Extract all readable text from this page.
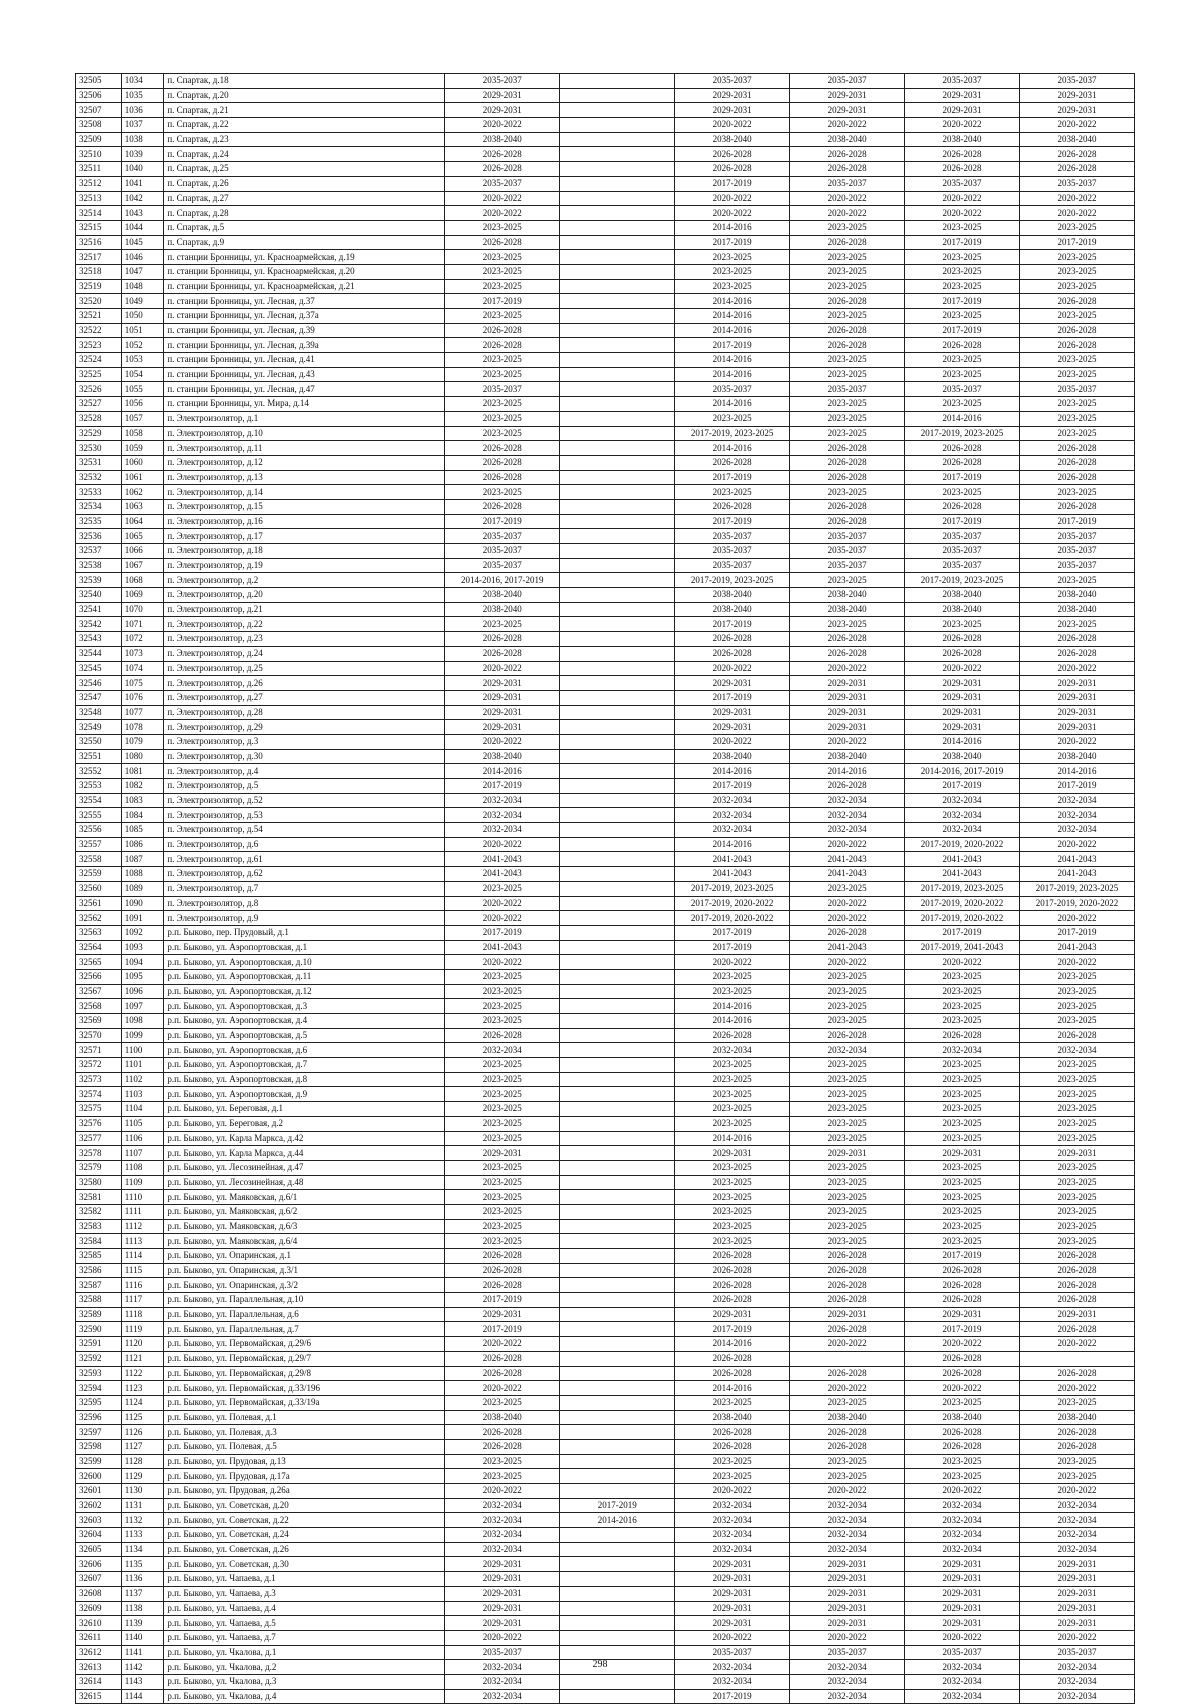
32505	1034	п. Спартак, д.18	2035-2037		2035-2037	2035-2037	2035-2037	2035-2037
32506	1035	п. Спартак, д.20	2029-2031		2029-2031	2029-2031	2029-2031	2029-2031
32507	1036	п. Спартак, д.21	2029-2031		2029-2031	2029-2031	2029-2031	2029-2031
32508	1037	п. Спартак, д.22	2020-2022		2020-2022	2020-2022	2020-2022	2020-2022
32509	1038	п. Спартак, д.23	2038-2040		2038-2040	2038-2040	2038-2040	2038-2040
32510	1039	п. Спартак, д.24	2026-2028		2026-2028	2026-2028	2026-2028	2026-2028
32511	1040	п. Спартак, д.25	2026-2028		2026-2028	2026-2028	2026-2028	2026-2028
32512	1041	п. Спартак, д.26	2035-2037		2017-2019	2035-2037	2035-2037	2035-2037
32513	1042	п. Спартак, д.27	2020-2022		2020-2022	2020-2022	2020-2022	2020-2022
32514	1043	п. Спартак, д.28	2020-2022		2020-2022	2020-2022	2020-2022	2020-2022
32515	1044	п. Спартак, д.5	2023-2025		2014-2016	2023-2025	2023-2025	2023-2025
32516	1045	п. Спартак, д.9	2026-2028		2017-2019	2026-2028	2017-2019	2017-2019
32517	1046	п. станции Бронницы, ул. Красноармейская, д.19	2023-2025		2023-2025	2023-2025	2023-2025	2023-2025
32518	1047	п. станции Бронницы, ул. Красноармейская, д.20	2023-2025		2023-2025	2023-2025	2023-2025	2023-2025
32519	1048	п. станции Бронницы, ул. Красноармейская, д.21	2023-2025		2023-2025	2023-2025	2023-2025	2023-2025
32520	1049	п. станции Бронницы, ул. Лесная, д.37	2017-2019		2014-2016	2026-2028	2017-2019	2026-2028
32521	1050	п. станции Бронницы, ул. Лесная, д.37а	2023-2025		2014-2016	2023-2025	2023-2025	2023-2025
32522	1051	п. станции Бронницы, ул. Лесная, д.39	2026-2028		2014-2016	2026-2028	2017-2019	2026-2028
32523	1052	п. станции Бронницы, ул. Лесная, д.39а	2026-2028		2017-2019	2026-2028	2026-2028	2026-2028
32524	1053	п. станции Бронницы, ул. Лесная, д.41	2023-2025		2014-2016	2023-2025	2023-2025	2023-2025
32525	1054	п. станции Бронницы, ул. Лесная, д.43	2023-2025		2014-2016	2023-2025	2023-2025	2023-2025
32526	1055	п. станции Бронницы, ул. Лесная, д.47	2035-2037		2035-2037	2035-2037	2035-2037	2035-2037
32527	1056	п. станции Бронницы, ул. Мира, д.14	2023-2025		2014-2016	2023-2025	2023-2025	2023-2025
32528	1057	п. Электроизолятор, д.1	2023-2025		2023-2025	2023-2025	2014-2016	2023-2025
32529	1058	п. Электроизолятор, д.10	2023-2025		2017-2019, 2023-2025	2023-2025	2017-2019, 2023-2025	2023-2025
32530	1059	п. Электроизолятор, д.11	2026-2028		2014-2016	2026-2028	2026-2028	2026-2028
32531	1060	п. Электроизолятор, д.12	2026-2028		2026-2028	2026-2028	2026-2028	2026-2028
32532	1061	п. Электроизолятор, д.13	2026-2028		2017-2019	2026-2028	2017-2019	2026-2028
32533	1062	п. Электроизолятор, д.14	2023-2025		2023-2025	2023-2025	2023-2025	2023-2025
32534	1063	п. Электроизолятор, д.15	2026-2028		2026-2028	2026-2028	2026-2028	2026-2028
32535	1064	п. Электроизолятор, д.16	2017-2019		2017-2019	2026-2028	2017-2019	2017-2019
32536	1065	п. Электроизолятор, д.17	2035-2037		2035-2037	2035-2037	2035-2037	2035-2037
32537	1066	п. Электроизолятор, д.18	2035-2037		2035-2037	2035-2037	2035-2037	2035-2037
32538	1067	п. Электроизолятор, д.19	2035-2037		2035-2037	2035-2037	2035-2037	2035-2037
32539	1068	п. Электроизолятор, д.2	2014-2016, 2017-2019		2017-2019, 2023-2025	2023-2025	2017-2019, 2023-2025	2023-2025
32540	1069	п. Электроизолятор, д.20	2038-2040		2038-2040	2038-2040	2038-2040	2038-2040
32541	1070	п. Электроизолятор, д.21	2038-2040		2038-2040	2038-2040	2038-2040	2038-2040
32542	1071	п. Электроизолятор, д.22	2023-2025		2017-2019	2023-2025	2023-2025	2023-2025
32543	1072	п. Электроизолятор, д.23	2026-2028		2026-2028	2026-2028	2026-2028	2026-2028
32544	1073	п. Электроизолятор, д.24	2026-2028		2026-2028	2026-2028	2026-2028	2026-2028
32545	1074	п. Электроизолятор, д.25	2020-2022		2020-2022	2020-2022	2020-2022	2020-2022
32546	1075	п. Электроизолятор, д.26	2029-2031		2029-2031	2029-2031	2029-2031	2029-2031
32547	1076	п. Электроизолятор, д.27	2029-2031		2017-2019	2029-2031	2029-2031	2029-2031
32548	1077	п. Электроизолятор, д.28	2029-2031		2029-2031	2029-2031	2029-2031	2029-2031
32549	1078	п. Электроизолятор, д.29	2029-2031		2029-2031	2029-2031	2029-2031	2029-2031
32550	1079	п. Электроизолятор, д.3	2020-2022		2020-2022	2020-2022	2014-2016	2020-2022
32551	1080	п. Электроизолятор, д.30	2038-2040		2038-2040	2038-2040	2038-2040	2038-2040
32552	1081	п. Электроизолятор, д.4	2014-2016		2014-2016	2014-2016	2014-2016, 2017-2019	2014-2016
32553	1082	п. Электроизолятор, д.5	2017-2019		2017-2019	2026-2028	2017-2019	2017-2019
32554	1083	п. Электроизолятор, д.52	2032-2034		2032-2034	2032-2034	2032-2034	2032-2034
32555	1084	п. Электроизолятор, д.53	2032-2034		2032-2034	2032-2034	2032-2034	2032-2034
32556	1085	п. Электроизолятор, д.54	2032-2034		2032-2034	2032-2034	2032-2034	2032-2034
32557	1086	п. Электроизолятор, д.6	2020-2022		2014-2016	2020-2022	2017-2019, 2020-2022	2020-2022
32558	1087	п. Электроизолятор, д.61	2041-2043		2041-2043	2041-2043	2041-2043	2041-2043
32559	1088	п. Электроизолятор, д.62	2041-2043		2041-2043	2041-2043	2041-2043	2041-2043
32560	1089	п. Электроизолятор, д.7	2023-2025		2017-2019, 2023-2025	2023-2025	2017-2019, 2023-2025	2017-2019, 2023-2025
32561	1090	п. Электроизолятор, д.8	2020-2022		2017-2019, 2020-2022	2020-2022	2017-2019, 2020-2022	2017-2019, 2020-2022
32562	1091	п. Электроизолятор, д.9	2020-2022		2017-2019, 2020-2022	2020-2022	2017-2019, 2020-2022	2020-2022
32563	1092	р.п. Быково, пер. Прудовый, д.1	2017-2019		2017-2019	2026-2028	2017-2019	2017-2019
32564	1093	р.п. Быково, ул. Аэропортовская, д.1	2041-2043		2017-2019	2041-2043	2017-2019, 2041-2043	2041-2043
32565	1094	р.п. Быково, ул. Аэропортовская, д.10	2020-2022		2020-2022	2020-2022	2020-2022	2020-2022
32566	1095	р.п. Быково, ул. Аэропортовская, д.11	2023-2025		2023-2025	2023-2025	2023-2025	2023-2025
32567	1096	р.п. Быково, ул. Аэропортовская, д.12	2023-2025		2023-2025	2023-2025	2023-2025	2023-2025
32568	1097	р.п. Быково, ул. Аэропортовская, д.3	2023-2025		2014-2016	2023-2025	2023-2025	2023-2025
32569	1098	р.п. Быково, ул. Аэропортовская, д.4	2023-2025		2014-2016	2023-2025	2023-2025	2023-2025
32570	1099	р.п. Быково, ул. Аэропортовская, д.5	2026-2028		2026-2028	2026-2028	2026-2028	2026-2028
32571	1100	р.п. Быково, ул. Аэропортовская, д.6	2032-2034		2032-2034	2032-2034	2032-2034	2032-2034
32572	1101	р.п. Быково, ул. Аэропортовская, д.7	2023-2025		2023-2025	2023-2025	2023-2025	2023-2025
32573	1102	р.п. Быково, ул. Аэропортовская, д.8	2023-2025		2023-2025	2023-2025	2023-2025	2023-2025
32574	1103	р.п. Быково, ул. Аэропортовская, д.9	2023-2025		2023-2025	2023-2025	2023-2025	2023-2025
32575	1104	р.п. Быково, ул. Береговая, д.1	2023-2025		2023-2025	2023-2025	2023-2025	2023-2025
32576	1105	р.п. Быково, ул. Береговая, д.2	2023-2025		2023-2025	2023-2025	2023-2025	2023-2025
32577	1106	р.п. Быково, ул. Карла Маркса, д.42	2023-2025		2014-2016	2023-2025	2023-2025	2023-2025
32578	1107	р.п. Быково, ул. Карла Маркса, д.44	2029-2031		2029-2031	2029-2031	2029-2031	2029-2031
32579	1108	р.п. Быково, ул. Лесозинейная, д.47	2023-2025		2023-2025	2023-2025	2023-2025	2023-2025
32580	1109	р.п. Быково, ул. Лесозинейная, д.48	2023-2025		2023-2025	2023-2025	2023-2025	2023-2025
32581	1110	р.п. Быково, ул. Маяковская, д.6/1	2023-2025		2023-2025	2023-2025	2023-2025	2023-2025
32582	1111	р.п. Быково, ул. Маяковская, д.6/2	2023-2025		2023-2025	2023-2025	2023-2025	2023-2025
32583	1112	р.п. Быково, ул. Маяковская, д.6/3	2023-2025		2023-2025	2023-2025	2023-2025	2023-2025
32584	1113	р.п. Быково, ул. Маяковская, д.6/4	2023-2025		2023-2025	2023-2025	2023-2025	2023-2025
32585	1114	р.п. Быково, ул. Опаринская, д.1	2026-2028		2026-2028	2026-2028	2017-2019	2026-2028
32586	1115	р.п. Быково, ул. Опаринская, д.3/1	2026-2028		2026-2028	2026-2028	2026-2028	2026-2028
32587	1116	р.п. Быково, ул. Опаринская, д.3/2	2026-2028		2026-2028	2026-2028	2026-2028	2026-2028
32588	1117	р.п. Быково, ул. Параллельная, д.10	2017-2019		2026-2028	2026-2028	2026-2028	2026-2028
32589	1118	р.п. Быково, ул. Параллельная, д.6	2029-2031		2029-2031	2029-2031	2029-2031	2029-2031
32590	1119	р.п. Быково, ул. Параллельная, д.7	2017-2019		2017-2019	2026-2028	2017-2019	2026-2028
32591	1120	р.п. Быково, ул. Первомайская, д.29/6	2020-2022		2014-2016	2020-2022	2020-2022	2020-2022
32592	1121	р.п. Быково, ул. Первомайская, д.29/7	2026-2028		2026-2028		2026-2028	
32593	1122	р.п. Быково, ул. Первомайская, д.29/8	2026-2028		2026-2028	2026-2028	2026-2028	2026-2028
32594	1123	р.п. Быково, ул. Первомайская, д.33/196	2020-2022		2014-2016	2020-2022	2020-2022	2020-2022
32595	1124	р.п. Быково, ул. Первомайская, д.33/19а	2023-2025		2023-2025	2023-2025	2023-2025	2023-2025
32596	1125	р.п. Быково, ул. Полевая, д.1	2038-2040		2038-2040	2038-2040	2038-2040	2038-2040
32597	1126	р.п. Быково, ул. Полевая, д.3	2026-2028		2026-2028	2026-2028	2026-2028	2026-2028
32598	1127	р.п. Быково, ул. Полевая, д.5	2026-2028		2026-2028	2026-2028	2026-2028	2026-2028
32599	1128	р.п. Быково, ул. Прудовая, д.13	2023-2025		2023-2025	2023-2025	2023-2025	2023-2025
32600	1129	р.п. Быково, ул. Прудовая, д.17а	2023-2025		2023-2025	2023-2025	2023-2025	2023-2025
32601	1130	р.п. Быково, ул. Прудовая, д.26а	2020-2022		2020-2022	2020-2022	2020-2022	2020-2022
32602	1131	р.п. Быково, ул. Советская, д.20	2032-2034	2017-2019	2032-2034	2032-2034	2032-2034	2032-2034
32603	1132	р.п. Быково, ул. Советская, д.22	2032-2034	2014-2016	2032-2034	2032-2034	2032-2034	2032-2034
32604	1133	р.п. Быково, ул. Советская, д.24	2032-2034		2032-2034	2032-2034	2032-2034	2032-2034
32605	1134	р.п. Быково, ул. Советская, д.26	2032-2034		2032-2034	2032-2034	2032-2034	2032-2034
32606	1135	р.п. Быково, ул. Советская, д.30	2029-2031		2029-2031	2029-2031	2029-2031	2029-2031
32607	1136	р.п. Быково, ул. Чапаева, д.1	2029-2031		2029-2031	2029-2031	2029-2031	2029-2031
32608	1137	р.п. Быково, ул. Чапаева, д.3	2029-2031		2029-2031	2029-2031	2029-2031	2029-2031
32609	1138	р.п. Быково, ул. Чапаева, д.4	2029-2031		2029-2031	2029-2031	2029-2031	2029-2031
32610	1139	р.п. Быково, ул. Чапаева, д.5	2029-2031		2029-2031	2029-2031	2029-2031	2029-2031
32611	1140	р.п. Быково, ул. Чапаева, д.7	2020-2022		2020-2022	2020-2022	2020-2022	2020-2022
32612	1141	р.п. Быково, ул. Чкалова, д.1	2035-2037		2035-2037	2035-2037	2035-2037	2035-2037
32613	1142	р.п. Быково, ул. Чкалова, д.2	2032-2034		2032-2034	2032-2034	2032-2034	2032-2034
32614	1143	р.п. Быково, ул. Чкалова, д.3	2032-2034		2032-2034	2032-2034	2032-2034	2032-2034
32615	1144	р.п. Быково, ул. Чкалова, д.4	2032-2034		2017-2019	2032-2034	2032-2034	2032-2034
298
